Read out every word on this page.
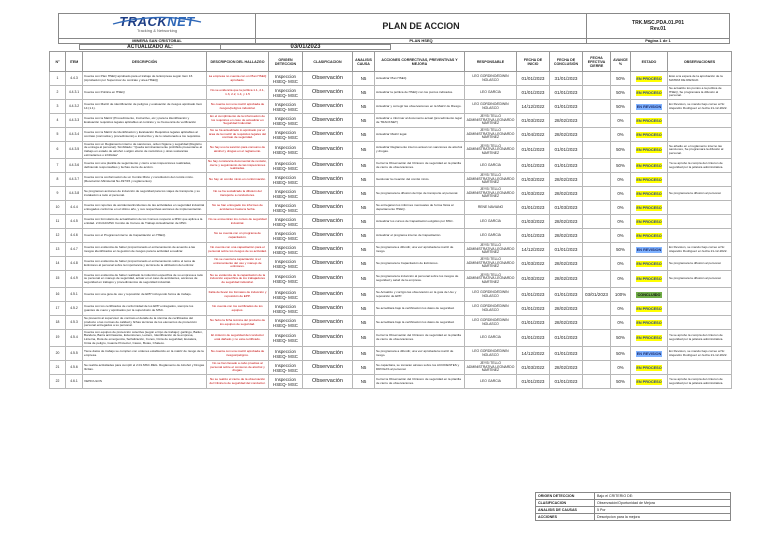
TRACKNET
Tracking & Networking	PLAN DE ACCION	TRK.MSC.PDA.01.P01
Rev.01
MINERA SAN CRISTOBAL	PLAN HSEQ	Página 1 de 1
ACTUALIZADO AL:	03/01/2023
N°	ITEM	DESCRIPCIÓN	DESCRIPCION DEL HALLAZGO	ORIGEN DETECCION	CLASIFICACION	ANALISIS CAUSA	ACCIONES CORRECTIVAS, PREVENTIVAS Y MEJORA	RESPONSABLE	FECHA DE INICIO	FECHA DE CONCLUSIÓN	FECHA EFECTIVA CIERRE	AVANCE %	ESTADO	OBSERVACIONES
1	4.4.3	Cuenta con Plan HSEQ aprobado para el trabajo de la Empresa según Item 16 (Aprobación por Supervisor de contrato y área HSEQ)	La empresa no cuenta con un Plan HSEQ aprobado.	Inspeccion HSEQ- MSC	Observación	N5	Actualizar Plan HSEQ.	LEO GORDINO/EDWIN NOLASCO	01/01/2023	31/01/2023		50%	EN PROCESO	Esto a la espera de la aprobación de la MATRIZ DE RIESGO.
2	4.4.3.1	Cuenta con Política en HSEQ	No se evidencia que la política 1.1, 2.1, 1.3, 2.2, 1.4, y 1.5	Inspeccion HSEQ- MSC	Observación	N5	Actualizar la política de HSEQ con los puntos indicados.	LEO GARCIA	01/01/2023	01/01/2023		50%	EN PROCESO	Se actualizo los puntos a la política de HSEQ, Se programara la difusión al personal.
3	4.4.3.2	Cuenta con Matriz de identificación de peligros y evaluación de riesgos aprobado Item 14 (1.1).	No cuenta con una matriz aprobada de riesgos/peligros industrial.	Inspeccion HSEQ- MSC	Observación	N5	Actualizar y corregir las observaciones en la Matriz de Riesgo.	LEO GORDINO/EDWIN NOLASCO	14/12/2022	01/01/2023		50%	EN REVISION	En Revision, se mando bajo correo al Sr. Alejandro Rodriguez en fecha 21-12-2022.
4	4.4.3.3	Cuenta con la Matriz (Procedimiento, Instructivo, etc.) para la Identificación y Evaluación requisitos legales aplicables al contrato y su frecuencia de verificación	En el cumplimiento de la información de los requisitos en caso de actualizar en Seguridad Industrial.	Inspeccion HSEQ- MSC	Observación	N5	Actualizar e informar al documento actual (procedimiento legal de TRACKNET)	JEYSI TELLO ADMINISTRATIVA LEONARDO MARTINEZ	01/03/2022	28/02/2023		0%	EN PROCESO	
5	4.4.3.4	Cuenta con la Matriz de Identificación y Evaluación Requisitos legales aplicables al contrato (normativa y procedimiento) e instructivo y de lo relacionado a los requisitos.	No se ha actualizado lo aprobado por el área de la matriz de requisitos legales del contrato de seguridad.	Inspeccion HSEQ- MSC	Observación	N5	Actualizar Matriz legal.	JEYSI TELLO ADMINISTRATIVA LEONARDO MARTINEZ	01/04/2022	28/02/2023		0%	EN PROCESO	
6	4.4.3.5	Cuenta con un Reglamento interno de sanciones, orden higiene y seguridad (Registro de entrega al personal). Simbiliado: "Queda terminantemente prohibido presentarse al trabajo en estado de alcohol o algún efecto de narcóticos y otras sustancias estimulantes o inhibidas"	No hay uso la sanción para consumo de alcohol y drogas en el reglamento.	Inspeccion HSEQ- MSC	Observación	N5	Actualizar Reglamento interno actual con sanciones de alcohol y drogas.	JEYSI TELLO ADMINISTRATIVA LEONARDO MARTINEZ	01/01/2023	01/01/2023		50%	EN PROCESO	Se añadio en el reglamento interno las sanciones, Se programara la difusión al personal.
7	4.4.3.6	Cuenta con una planilla de seguimiento y cierre a las inspecciones realizadas, definiendo responsables y fechas cierre de acción.	No hay constancia documental de revisión, cierre y seguimiento de las inspecciones realizadas.	Inspeccion HSEQ- MSC	Observación	N5	Cerrar la Observación del Clinicero de seguridad en la planilla de cierre de observaciones.	LEO GARCIA	01/01/2023	01/01/2023		50%	EN PROCESO	Ya se aprobo la compra del cinturon de seguridad por la jefatura administrativa.
8	4.4.3.7	Cuenta con la conformación de un Comité Mixto y constitución del comité mixto. (Resolución Ministerial No.497/15 y reglamentos)	No hay un comité mixto en conformación.	Inspeccion HSEQ- MSC	Observación	N5	Gestionar la creación del comité mixto.	JEYSI TELLO ADMINISTRATIVA LEONARDO MARTINEZ	01/03/2022	28/02/2023		0%	EN PROCESO	
9	4.4.3.8	Se programan acciones de inducción de seguridad para los viajes de transporte y su instalación a todo el personal.	No se ha socializado la difusión del transporte a conductores.	Inspeccion HSEQ- MSC	Observación	N5	Se programara la difusión del tipo de transporte al personal.	JEYSI TELLO ADMINISTRATIVA LEONARDO MARTINEZ	01/03/2022	28/02/2023		0%	EN PROCESO	Se programara la difusión al personal.
10	4.4.4	Cuenta con reportes de accidentes/incidentes de las actividades en seguridad industrial entregados conforme en el último año, y sus respectivas acciones de implementación.	No se han entregado los informes de accidentes hasta la fecha.	Inspeccion HSEQ- MSC	Observación	N5	Se entregaran los informes mensuales de forma física al departamento HSEQ.	RENE NAVIANO	01/01/2023	01/03/2023		0%	EN PROCESO	
11	4.4.5	Cuenta con formulario de actualización de los Correos respecto a MSC que aplica a la entidad. 2.01/A0.MSC Comité de Cursos de Trabajo Actualización de MSC.	No se encuentran los cursos de seguridad industrial.	Inspeccion HSEQ- MSC	Observación	N5	Actualizar los cursos de Capacitación exigidos por MSC.	LEO GARCIA	01/03/2022	28/02/2023		0%	EN PROCESO	
12	4.4.6	Cuenta con el Programa Interno de Capacitación en HSEQ.	No se cuenta con un programa de capacitación.	Inspeccion HSEQ- MSC	Observación	N5	Actualizar el programa interno de Capacitación.	LEO GARCIA	01/01/2023	28/02/2023		0%	EN PROCESO	
13	4.4.7	Cuenta con evidencia de haber proporcionado el entrenamiento de acuerdo a las riesgos identificados en la gestión de riesgos para la actividad a realizar.	No cuenta con una capacitación para el personal sobre los riesgos de su actividad.	Inspeccion HSEQ- MSC	Observación	N5	Se programara a difundir, una vez aprobada la matriz de riesgo.	JEYSI TELLO ADMINISTRATIVA LEONARDO MARTINEZ	14/12/2022	01/01/2023		50%	EN REVISION	En Revision, se mando bajo correo al Sr. Alejandro Rodriguez en fecha 21-12-2022.
14	4.4.8	Cuenta con evidencia de haber proporcionado el entrenamiento sobre el tema de Extintores al personal sobre la importancia y técnica de la utilización del extintor.	No se cuenta la capacitación ni el entrenamiento del uso y manejo de extintores.	Inspeccion HSEQ- MSC	Observación	N5	Se programara la Capacitación de Extintores.	JEYSI TELLO ADMINISTRATIVA LEONARDO MARTINEZ	01/03/2022	28/02/2023		0%	EN PROCESO	Se programara la difusión al personal.
15	4.4.9	Cuenta con evidencia de haber realizado la inducción específica de su empresa a todo su personal en manejo de seguridad, actuar en el caso de accidentes, acciones de seguridad en trabajos y procedimientos de seguridad industrial.	No se evidencia de la capacitación de la inducción específica de los trabajadores de seguridad industrial.	Inspeccion HSEQ- MSC	Observación	N5	Se programara la inducción al personal sobre los riesgos de seguridad y salud de la empresa.	JEYSI TELLO ADMINISTRATIVA LEONARDO MARTINEZ	01/03/2022	28/02/2023		0%	EN PROCESO	Se programara la difusión al personal.
16	4.5.1	Cuenta con una guía de uso y reposición de EPP incluyendo forma de trabajo.	Falta de llevar los formatos de inducción y reposición de EPP.	Inspeccion HSEQ- MSC	Observación	N5	Se Actualizo y corrigio las observación en la guía de Uso y reposición de EPP.	LEO GORDINO/EDWIN NOLASCO	01/01/2023	01/01/2023	03/01/2023	100%	CONCLUIDO	
17	4.5.2	Cuenta con los certificados de conformidad de los EPP entregados, siempre los guantes de cuero y aprobados por la supervisión de MSC.	No cuenta con los certificados de los equipos.	Inspeccion HSEQ- MSC	Observación	N5	Se acreditara bajo la certificación los datos de seguridad.	LEO GORDINO/EDWIN NOLASCO	01/01/2023	28/02/2023		0%	EN PROCESO	
18	4.5.3	Se presentó al supervisor de contrato el detalle de la nómina de certificados del producto o las normas de calidad y fichas técnicas de los elementos de protección personal entregados a su personal.	No hubo la ficha técnica del producto de los equipos de seguridad.	Inspeccion HSEQ- MSC	Observación	N5	Se acreditara bajo la certificación los datos de seguridad.	LEO GORDINO/EDWIN NOLASCO	01/01/2023	28/02/2023		0%	EN PROCESO	
19	4.5.4	Cuenta con equipos de protección colectiva (según el tipo de trabajo): garlingo, Bailun, Bandera, Barra antirrasante, Extensiones, Letrero, Identificación de la empresa, Linterna, Ruta de emergencia, Señalización, Conos, Cinta de seguridad, Escalera, Cinta de peligro, Guante Protector, Casco, Botas, Chaleco.	El cinturón de seguridad del conductor está dañado y no esta certificado.	Inspeccion HSEQ- MSC	Observación	N5	Cerrar la Observación del Clinicero de seguridad en la planilla de cierre de observaciones.	LEO GARCIA	01/01/2023	01/01/2023		50%	EN PROCESO	Ya se aprobo la compra del cinturon de seguridad por la jefatura administrativa.
20	4.5.5	Tiene datos de trabajo se cumplen con ordenes establecido en la matriz de riesgo de la empresa.	No cuenta con una matriz aprobada de riesgos/peligros.	Inspeccion HSEQ- MSC	Observación	N5	Se programara a difundir, una vez aprobada la matriz de riesgo.	LEO GORDINO/EDWIN NOLASCO	14/12/2022	01/01/2023		50%	EN REVISION	En Revision, se mando bajo correo al Sr. Alejandro Rodriguez en fecha 21-12-2022.
21	4.5.6	Se realiza actividades para cumplir el 2.01.MSC.REG. Reglamento de Alcohol y Drogas Ilícitas.	No se han llevado a cabo pruebas al personal sobre el consumo de alcohol y drogas.	Inspeccion HSEQ- MSC	Observación	N5	Se capacitara, se tomaran alcotes sobre los ACCIDENTES y DROGAS al personal.	JEYSI TELLO ADMINISTRATIVA LEONARDO MARTINEZ	01/03/2022	28/02/2023		0%	EN PROCESO	
22	4.6.1	VEHICULOS	No se realizo el cierre de la observación del Clinicero de seguridad del conductor.	Inspeccion HSEQ- MSC	Observación	N5	Cerrar la Observación del Clinicero de seguridad en la planilla de cierre de observaciones.	LEO GARCIA	01/01/2023	01/01/2023		50%	EN PROCESO	Ya se aprobo la compra del cinturon de seguridad por la jefatura administrativa.
ORIGEN DETECCION	Bajo el CRITERIO DE:
CLASIFICACION	Observación/Oportunidad de Mejora
ANALISIS DE CAUSAS	5 Por
ACCIONES	Descripcion para la mejora
